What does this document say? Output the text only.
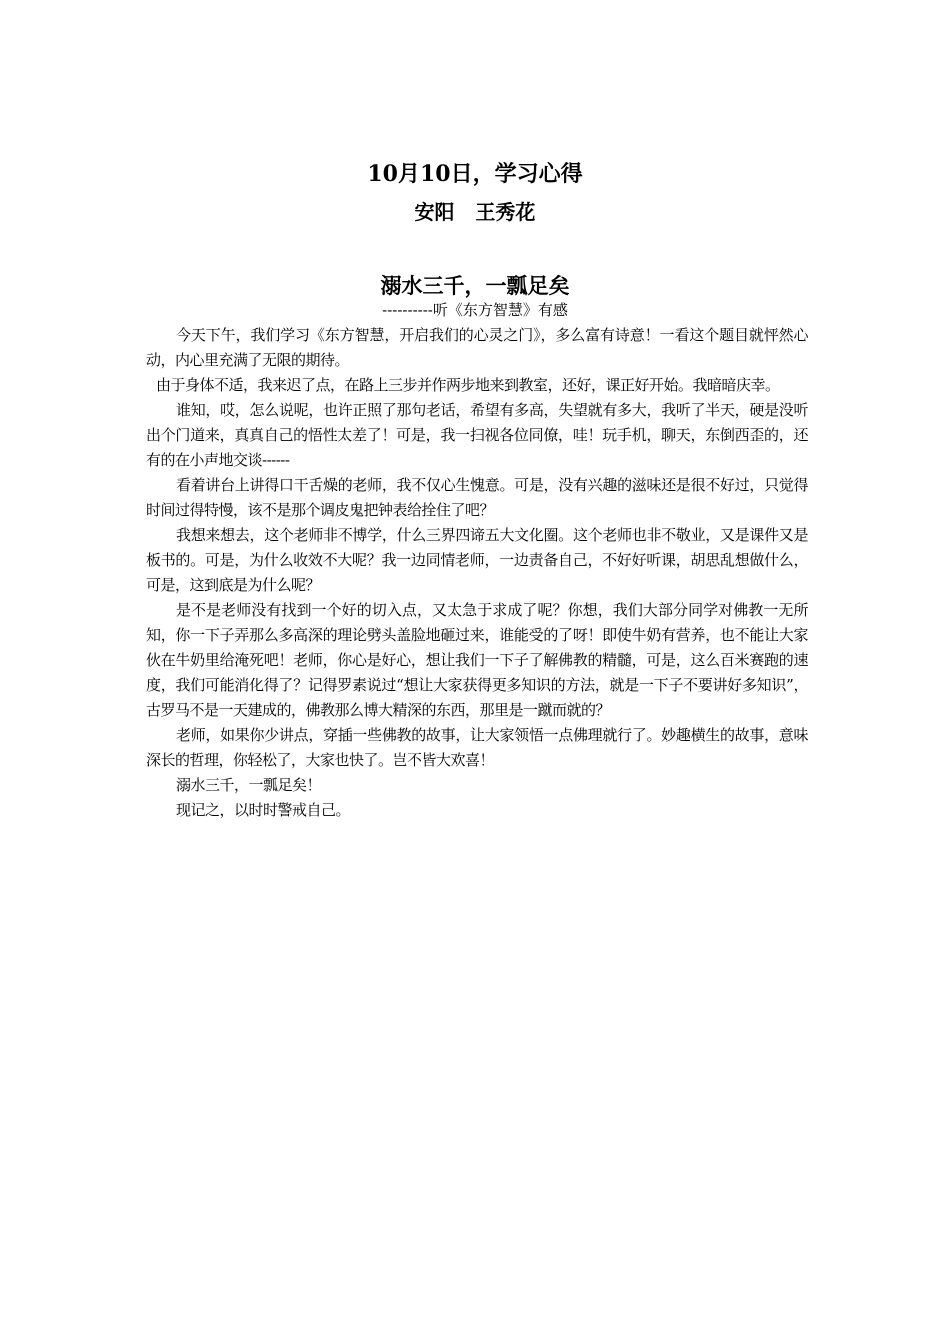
10月10日，学习心得
安阳   王秀花
溺水三千，一瓢足矣
----------听《东方智慧》有感

今天下午，我们学习《东方智慧，开启我们的心灵之门》，多么富有诗意！一看这个题目就怦然心动，内心里充满了无限的期待。

由于身体不适，我来迟了点，在路上三步并作两步地来到教室，还好，课正好开始。我暗暗庆幸。

谁知，哎，怎么说呢，也许正照了那句老话，希望有多高，失望就有多大，我听了半天，硬是没听出个门道来，真真自己的悟性太差了！可是，我一扫视各位同僚，哇！玩手机，聊天，东倒西歪的，还有的在小声地交谈------

看着讲台上讲得口干舌燥的老师，我不仅心生愧意。可是，没有兴趣的滋味还是很不好过，只觉得时间过得特慢，该不是那个调皮鬼把钟表给拴住了吧？

我想来想去，这个老师非不博学，什么三界四谛五大文化圈。这个老师也非不敬业，又是课件又是板书的。可是，为什么收效不大呢？我一边同情老师，一边责备自己，不好好听课，胡思乱想做什么，可是，这到底是为什么呢？

是不是老师没有找到一个好的切入点，又太急于求成了呢？你想，我们大部分同学对佛教一无所知，你一下子弄那么多高深的理论劈头盖脸地砸过来，谁能受的了呀！即使牛奶有营养，也不能让大家伙在牛奶里给淹死吧！老师，你心是好心，想让我们一下子了解佛教的精髓，可是，这么百米赛跑的速度，我们可能消化得了？记得罗素说过“想让大家获得更多知识的方法，就是一下子不要讲好多知识”，古罗马不是一天建成的，佛教那么博大精深的东西，那里是一蹴而就的？

老师，如果你少讲点，穿插一些佛教的故事，让大家领悟一点佛理就行了。妙趣横生的故事，意味深长的哲理，你轻松了，大家也快了。岂不皆大欢喜！

溺水三千，一瓢足矣！

现记之，以时时警戒自己。
